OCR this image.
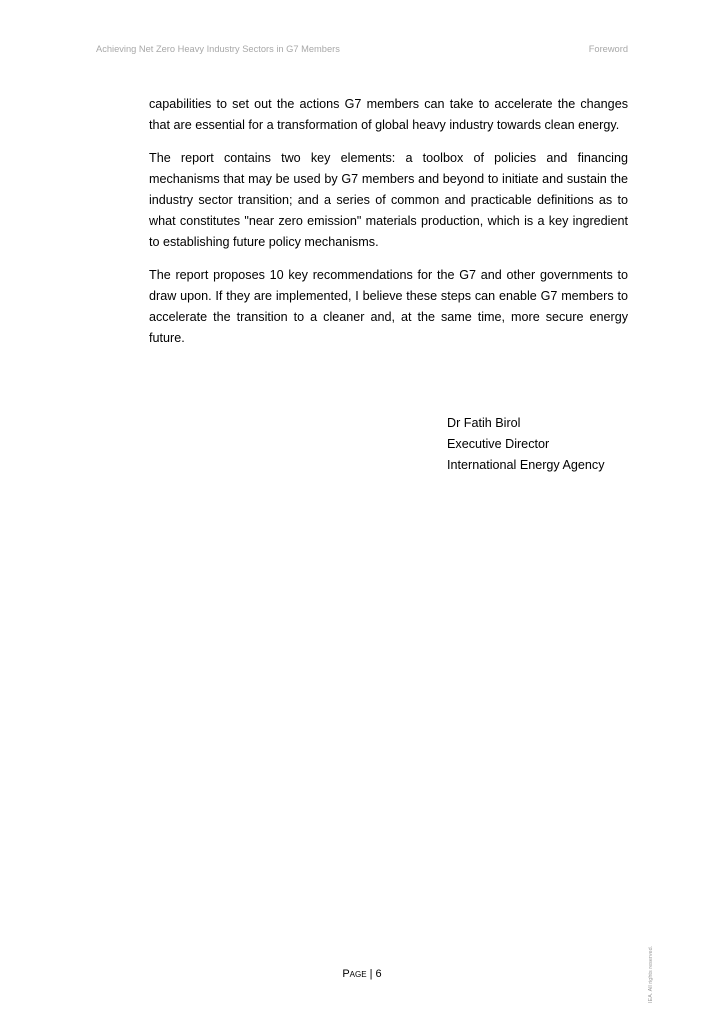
Achieving Net Zero Heavy Industry Sectors in G7 Members	Foreword

capabilities to set out the actions G7 members can take to accelerate the changes that are essential for a transformation of global heavy industry towards clean energy.

The report contains two key elements: a toolbox of policies and financing mechanisms that may be used by G7 members and beyond to initiate and sustain the industry sector transition; and a series of common and practicable definitions as to what constitutes "near zero emission" materials production, which is a key ingredient to establishing future policy mechanisms.

The report proposes 10 key recommendations for the G7 and other governments to draw upon. If they are implemented, I believe these steps can enable G7 members to accelerate the transition to a cleaner and, at the same time, more secure energy future.

Dr Fatih Birol
Executive Director
International Energy Agency
Page | 6	IEA. All rights reserved.
